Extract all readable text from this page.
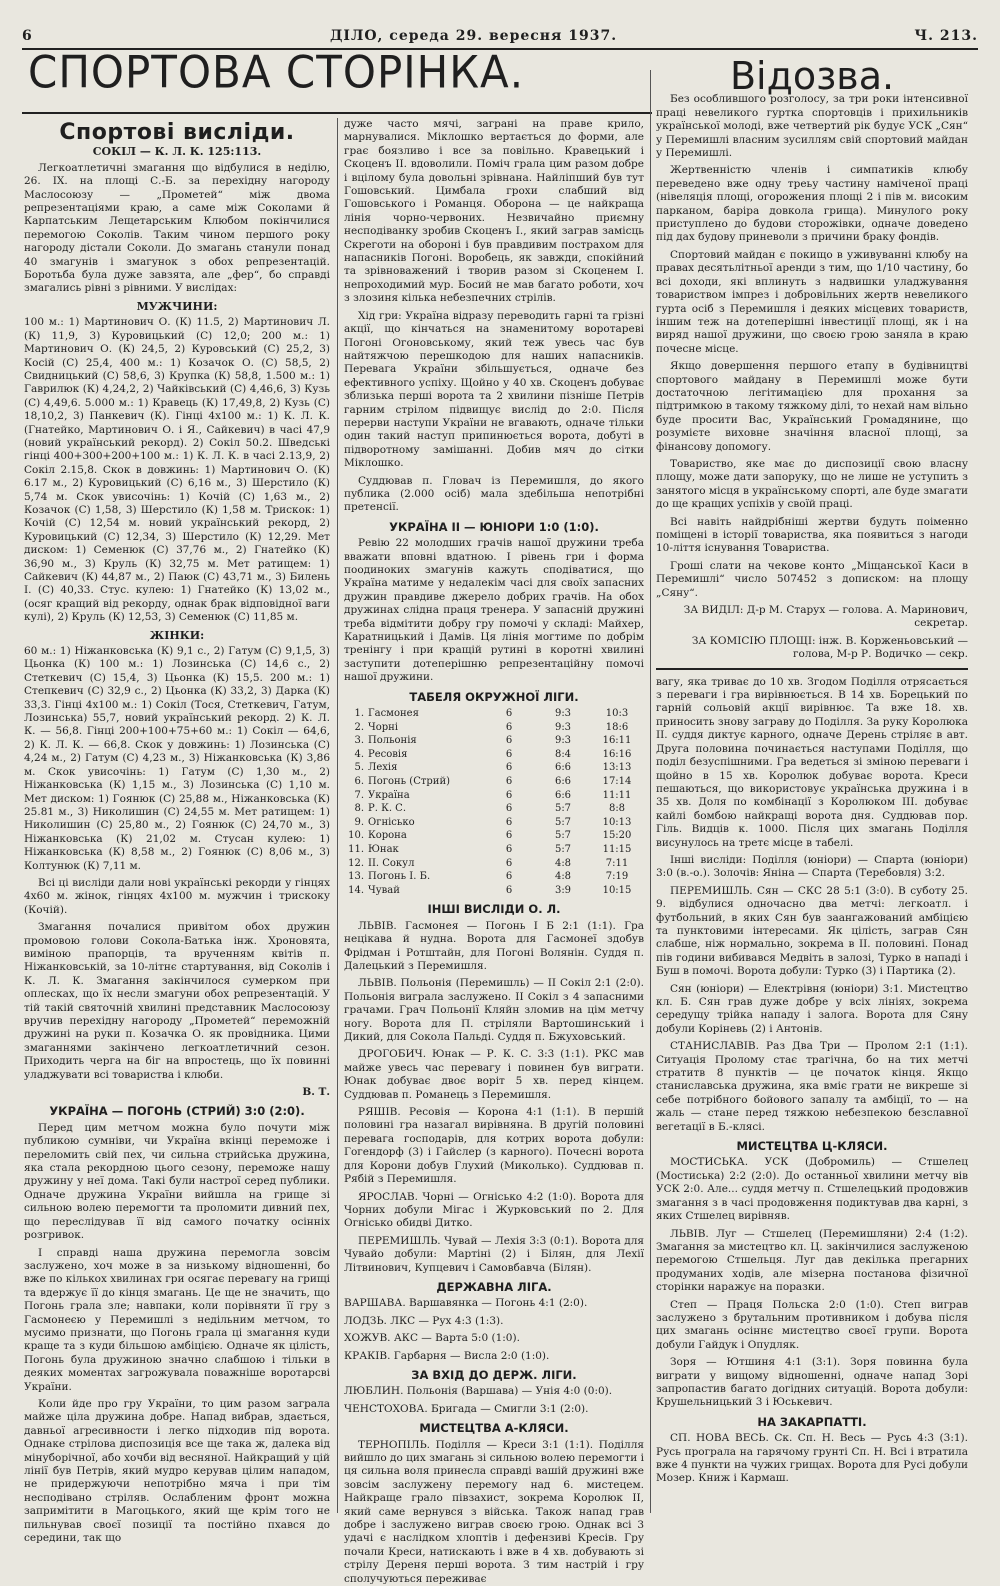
6	ДІЛО, середа 29. вересня 1937.	Ч. 213.
СПОРТОВА СТОРІНКА.
Спортові висліди.
СОКІЛ — К. Л. К. 125:113.

Легкоатлетичні змагання що відбулися в неділю, 26. IX. на площі С.-Б. за перехідну нагороду Маслосоюзу — „Прометей“ між двома репрезентаціями краю, а саме між Соколами й Карпатським Лещетарським Клюбом покінчилися перемогою Соколів. Таким чином першого року нагороду дістали Соколи. До змагань станули понад 40 змагунів і змагунок з обох репрезентацій. Боротьба була дуже завзята, але „фер“, бо справді змагались рівні з рівними. У вислідах:

МУЖЧИНИ:

100 м.: 1) Мартинович О. (К) 11.5, 2) Мартинович Л. (К) 11,9, 3) Куровицький (С) 12,0; 200 м.: 1) Мартинович О. (К) 24,5, 2) Куровський (С) 25,2, 3) Косій (С) 25,4, 400 м.: 1) Козачок О. (С) 58,5, 2) Свидницький (С) 58,6, 3) Крупка (К) 58,8, 1.500 м.: 1) Гаврилюк (К) 4,24,2, 2) Чайківський (С) 4,46,6, 3) Кузь (С) 4,49,6. 5.000 м.: 1) Кравець (К) 17,49,8, 2) Кузь (С) 18,10,2, 3) Панкевич (К). Гінці 4х100 м.: 1) К. Л. К. (Гнатейко, Мартинович О. і Я., Сайкевич) в часі 47,9 (новий український рекорд). 2) Сокіл 50.2. Шведські гінці 400+300+200+100 м.: 1) К. Л. К. в часі 2.13,9, 2) Сокіл 2.15,8. Скок в довжинь: 1) Мартинович О. (К) 6.17 м., 2) Куровицький (С) 6,16 м., 3) Шерстило (К) 5,74 м. Скок увисочінь: 1) Кочій (С) 1,63 м., 2) Козачок (С) 1,58, 3) Шерстило (К) 1,58 м. Трискок: 1) Кочій (С) 12,54 м. новий український рекорд, 2) Куровицький (С) 12,34, 3) Шерстило (К) 12,29. Мет диском: 1) Семенюк (С) 37,76 м., 2) Гнатейко (К) 36,90 м., 3) Круль (К) 32,75 м. Мет ратищем: 1) Сайкевич (К) 44,87 м., 2) Паюк (С) 43,71 м., 3) Билень І. (С) 40,33. Стус. кулею: 1) Гнатейко (К) 13,02 м., (осяг кращий від рекорду, однак брак відповідної ваги кулі), 2) Круль (К) 12,53, 3) Семенюк (С) 11,85 м.

ЖІНКИ:

60 м.: 1) Ніжанковська (К) 9,1 с., 2) Гатум (С) 9,1,5, 3) Цьонка (К) 100 м.: 1) Лозинська (С) 14,6 с., 2) Стеткевич (С) 15,4, 3) Цьонка (К) 15,5. 200 м.: 1) Степкевич (С) 32,9 с., 2) Цьонка (К) 33,2, 3) Дарка (К) 33,3. Гінці 4х100 м.: 1) Сокіл (Тося, Стеткевич, Гатум, Лозинська) 55,7, новий український рекорд. 2) К. Л. К. — 56,8. Гінці 200+100+75+60 м.: 1) Сокіл — 64,6, 2) К. Л. К. — 66,8. Скок у довжинь: 1) Лозинська (С) 4,24 м., 2) Гатум (С) 4,23 м., 3) Ніжанковська (К) 3,86 м. Скок увисочінь: 1) Гатум (С) 1,30 м., 2) Ніжанковська (К) 1,15 м., 3) Лозинська (С) 1,10 м. Мет диском: 1) Гоянюк (С) 25,88 м., Ніжанковська (К) 25.81 м., 3) Николишин (С) 24,55 м. Мет ратищем: 1) Николишин (С) 25,80 м., 2) Гоянюк (С) 24,70 м., 3) Ніжанковська (К) 21,02 м. Стусан кулею: 1) Ніжанковська (К) 8,58 м., 2) Гоянюк (С) 8,06 м., 3) Колтунюк (К) 7,11 м.

Всі ці висліди дали нові українські рекорди у гінцях 4х60 м. жінок, гінцях 4х100 м. мужчин і трискоку (Кочій).

Змагання почалися привітом обох дружин промовою голови Сокола-Батька інж. Хроновята, виміною прапорців, та врученням квітів п. Ніжанковській, за 10-літнє стартування, від Соколів і К. Л. К. Змагання закінчилося сумерком при оплесках, що їх несли змагуни обох репрезентацій. У тій такій святочній хвилині представник Маслосоюзу вручив перехідну нагороду „Прометей“ переможній дружині на руки п. Козачка О. як провідника. Цими змаганнями закінчено легкоатлетичний сезон. Приходить черга на біг на впростець, що їх повинні уладжувати всі товариства і клюби.

В. Т.
УКРАЇНА — ПОГОНЬ (СТРИЙ) 3:0 (2:0).

Перед цим метчом можна було почути між публикою сумніви, чи Україна вкінці переможе і переломить свій пех, чи сильна стрийська дружина, яка стала рекордною цього сезону, переможе нашу дружину у неї дома. Такі були настрої серед публики. Одначе дружина України вийшла на грище зі сильною волею перемогти та проломити дивний пех, що переслідував її від самого початку осінніх розгривок.

І справді наша дружина перемогла зовсім заслужено, хоч може в за низькому відношенні, бо вже по кількох хвилинах гри осягає перевагу на грищі та вдержує її до кінця змагань. Це ще не значить, що Погонь грала зле; навпаки, коли порівняти її гру з Гасмонеєю у Перемишлі з недільним метчом, то мусимо признати, що Погонь грала ці змагання куди краще та з куди більшою амбіцією. Одначе як цілість, Погонь була дружиною значно слабшою і тільки в деяких моментах загрожувала поважніше воротарсві України.

Коли йде про гру України, то цим разом заграла майже ціла дружина добре. Напад вибрав, здається, давньої агресивности і легко підходив під ворота. Однаке стрілова диспозиція все ще така ж, далека від мінуборічної, або хочби від весняної. Найкращий у цій лінії був Петрів, який мудро керував цілим нападом, не придержуючи непотрібно мяча і при тім несподівано стріляв. Ослабленим фронт можна запримітити в Магоцького, який ще крім того не пильнував своєї позиції та постійно пхався до середини, так що

дуже часто мячі, заграні на праве крило, марнувалися. Міклошко вертається до форми, але грає боязливо і все за повільно. Кравецький і Скоценъ ІІ. вдоволили. Поміч грала цим разом добре і вцілому була довольні зрівнана. Найліпший був тут Гошовський. Цимбала грохи слабший від Гошовського і Романця. Оборона — це найкраща лінія чорно-червоних. Незвичайно приємну несподіванку зробив Скоценъ І., який заграв замісць Скреготи на обороні і був правдивим пострахом для напасників Погоні. Воробець, як завжди, спокійний та зрівноважений і творив разом зі Скоценем І. непроходимий мур. Босий не мав багато роботи, хоч з злозиня кілька небезпечних стрілів.

Хід гри: Україна відразу переводить гарні та грізні акції, що кінчаться на знаменитому воротареві Погоні Огоновському, який теж увесь час був найтяжчою перешкодою для наших напасників. Перевага України збільшується, одначе без ефективного успіху. Щойно у 40 хв. Скоценъ добуває зблизька перші ворота та 2 хвилини пізніше Петрів гарним стрілом підвищує вислід до 2:0. Після перерви наступи України не вгавають, одначе тільки один такий наступ припинюється ворота, добуті в підворотному замішанні. Добив мяч до сітки Міклошко.

Суддював п. Гловач із Перемишля, до якого публика (2.000 осіб) мала здебільша непотрібні претенсії.

УКРАЇНА ІІ — ЮНІОРИ 1:0 (1:0).

Ревію 22 молодших грачів нашої дружини треба вважати вповні вдатною. І рівень гри і форма поодиноких змагунів кажуть сподіватися, що Україна матиме у недалекім часі для своїх запасних дружин правдиве джерело добрих грачів. На обох дружинах слідна праця тренера. У запасній дружині треба відмітити добру гру помочі у складі: Майхер, Каратницький і Дамів. Ця лінія могтиме по добрім тренінгу і при кращій рутині в коротні хвилині заступити дотеперішню репрезентаційну помочі нашої дружини.

ТАБЕЛЯ ОКРУЖНОЇ ЛІГИ.
1.	Гасмонея	6	9:3	10:3
2.	Чорні	6	9:3	18:6
3.	Польонія	6	9:3	16:11
4.	Ресовія	6	8:4	16:16
5.	Лехія	6	6:6	13:13
6.	Погонь (Стрий)	6	6:6	17:14
7.	Україна	6	6:6	11:11
8.	Р. К. С.	6	5:7	8:8
9.	Огнісько	6	5:7	10:13
10.	Корона	6	5:7	15:20
11.	Юнак	6	5:7	11:15
12.	ІІ. Сокул	6	4:8	7:11
13.	Погонь І. Б.	6	4:8	7:19
14.	Чувай	6	3:9	10:15
ІНШІ ВИСЛІДИ О. Л.

ЛЬВІВ. Гасмонея — Погонь І Б 2:1 (1:1). Гра нецікава й нудна. Ворота для Гасмонеї здобув Фрідман і Ротштайн, для Погоні Волянін. Суддя п. Далецький з Перемишля.

ЛЬВІВ. Польонія (Перемишль) — ІІ Сокіл 2:1 (2:0). Польонія виграла заслужено. ІІ Сокіл з 4 запасними грачами. Грач Польонії Кляйн зломив на цім метчу ногу. Ворота для П. стріляли Вартошинський і Дикий, для Сокола Пальді. Суддя п. Бжуховський.

ДРОГОБИЧ. Юнак — Р. К. С. 3:3 (1:1). РКС мав майже увесь час перевагу і повинен був виграти. Юнак добуває двоє воріт 5 хв. перед кінцем. Суддював п. Романець з Перемишля.

РЯШІВ. Ресовія — Корона 4:1 (1:1). В першій половині гра назагал вирівняна. В другій половині перевага господарів, для котрих ворота добули: Гогендорф (3) і Гайслер (з карного). Почесні ворота для Корони добув Глухий (Миколько). Суддював п. Рябій з Перемишля.

ЯРОСЛАВ. Чорні — Огнісько 4:2 (1:0). Ворота для Чорних добули Мігас і Журковський по 2. Для Огнісько обидві Дитко.

ПЕРЕМИШЛЬ. Чувай — Лехія 3:3 (0:1). Ворота для Чувайо добули: Мартіні (2) і Білян, для Лехії Літвинович, Купцевич і Самовбавча (Білян).

ДЕРЖАВНА ЛІГА.

ВАРШАВА. Варшавянка — Погонь 4:1 (2:0).

ЛОДЗЬ. ЛКС — Рух 4:3 (1:3).

ХОЖУВ. АКС — Варта 5:0 (1:0).

КРАКІВ. Гарбарня — Висла 2:0 (1:0).

ЗА ВХІД ДО ДЕРЖ. ЛІГИ.

ЛЮБЛИН. Польонія (Варшава) — Унія 4:0 (0:0).

ЧЕНСТОХОВА. Бригада — Смигли 3:1 (2:0).

МИСТЕЦТВА А-КЛЯСИ.

ТЕРНОПІЛЬ. Поділля — Креси 3:1 (1:1). Поділля вийшло до цих змагань зі сильною волею перемогти і ця сильна воля принесла справді вашій дружині вже зовсім заслужену перемогу над 6. мистецем. Найкраще грало півзахист, зокрема Королюк ІІ, який саме вернувся з війська. Також напад грав добре і заслужено виграв своєю грою. Однак всі 3 удачі є наслідком хлоптів і дефензиві Кресів. Гру почали Креси, натискають і вже в 4 хв. добувають зі стрілу Дереня перші ворота. З тим настрій і гру сполучуються переживає

Відозва.

Без особлившого розголосу, за три роки інтенсивної праці невеликого гуртка спортовців і прихильників української молоді, вже четвертий рік будує УСК „Сян“ у Перемишлі власним зусиллям свій спортовий майдан у Перемишлі.

Жертвенністю членів і симпатиків клюбу переведено вже одну треьу частину наміченої праці (нівеляція площі, огорожения площі 2 і пів м. високим парканом, баріра довкола грища). Минулого року приступлено до будови сторожівки, одначе доведено під дах будову приневоли з причини браку фондів.

Спортовий майдан є покищо в уживуванні клюбу на правах десятьлітньої аренди з тим, що 1/10 частину, бо всі доходи, які вплинуть з надвишки уладжування товариством імпрез і добровільних жертв невеликого гурта осіб з Перемишля і деяких місцевих товариств, іншим теж на дотеперішні інвестиції площі, як і на виряд нашої дружини, що своєю грою заняла в краю почесне місце.

Якщо довершення першого етапу в будівництві спортового майдану в Перемишлі може бути достаточною легітимацією для прохання за підтримкою в такому тяжкому ділі, то нехай нам вільно буде просити Вас, Український Громадянине, що розумієте виховне значіння власної площі, за фінансову допомогу.

Товариство, яке має до диспозиції свою власну площу, може дати запоруку, що не лише не уступить з занятого місця в українському спорті, але буде змагати до ще кращих успіхів у своїй праці.

Всі навіть найдрібніші жертви будуть поіменно поміщені в історії товариства, яка появиться з нагоди 10-ліття існування Товариства.

Гроші слати на чекове конто „Міщанської Каси в Перемишлі“ число 507452 з дописком: на площу „Сяну“.

ЗА ВИДІЛ: Д-р М. Старух — голова. А. Маринович, секретар.

ЗА КОМІСІЮ ПЛОЩІ: інж. В. Корженьовський — голова, М-р Р. Водичко — секр.

вагу, яка триває до 10 хв. Згодом Поділля отрясається з переваги і гра вирівнюється. В 14 хв. Борецький по гарній сольовій акції вирівнює. Та вже 18. хв. приносить знову заграву до Поділля. За руку Королюка ІІ. суддя диктує карного, одначе Дерень стріляє в авт. Друга половина починається наступами Поділля, що поділ безуспішними. Гра ведеться зі зміною переваги і щойно в 15 хв. Королюк добуває ворота. Креси пешаються, що використовує українська дружина і в 35 хв. Доля по комбінації з Королюком ІІІ. добуває кайлі бомбою найкращі ворота дня. Суддював пор. Гіль. Видців к. 1000. Після цих змагань Поділля висунулось на третє місце в табелі.

Інші висліди: Поділля (юніори) — Спарта (юніори) 3:0 (в.-о.). Золочів: Яніна — Спарта (Теребовля) 3:2.

ПЕРЕМИШЛЬ. Сян — СКС 28 5:1 (3:0). В суботу 25. 9. відбулися одночасно два метчі: легкоатл. і футбольний, в яких Сян був заангажований амбіцією та пунктовими інтересами. Як цілість, заграв Сян слабше, ніж нормально, зокрема в ІІ. половині. Понад пів години вибивався Медвіть в залозі, Турко в нападі і Буш в помочі. Ворота добули: Турко (3) і Партика (2).

Сян (юніори) — Електрівня (юніори) 3:1. Мистецтво кл. Б. Сян грав дуже добре у всіх лініях, зокрема середущу трійка нападу і залога. Ворота для Сяну добули Коріневь (2) і Антонів.

СТАНИСЛАВІВ. Раз Два Три — Пролом 2:1 (1:1). Ситуація Пролому стає трагічна, бо на тих метчі стратитв 8 пунктів — це початок кінця. Якщо станиславська дружина, яка вміє грати не викреше зі себе потрібного бойового запалу та амбіції, то — на жаль — стане перед тяжкою небезпекою безславної вегетації в Б.-клясі.

МИСТЕЦТВА Ц-КЛЯСИ.

МОСТИСЬКА. УСК (Добромиль) — Стшелец (Мостиська) 2:2 (2:0). До останньої хвилини метчу вів УСК 2:0. Але... суддя метчу п. Стшелецький продовжив змагання з в часі продовження подиктував два карні, з яких Стшелец вирівняв.

ЛЬВІВ. Луг — Стшелец (Перемишляни) 2:4 (1:2). Змагання за мистецтво кл. Ц. закінчилися заслуженою перемогою Стшельця. Луг дав декілька прегарних продуманих ходів, але мізерна постанова фізичної сторінки наражує на поразки.

Степ — Праця Польска 2:0 (1:0). Степ виграв заслужено з брутальним противником і добува після цих змагань осіннє мистецтво своєї групи. Ворота добули Гайдук і Опудляк.

Зоря — Ютшиня 4:1 (3:1). Зоря повинна була виграти у вищому відношенні, одначе напад Зорі запропастив багато догідних ситуацій. Ворота добули: Крушельницький 3 і Юськевич.

НА ЗАКАРПАТТІ.

СП. НОВА ВЕСЬ. Ск. Сп. Н. Весь — Русь 4:3 (3:1). Русь програла на гарячому грунті Сп. Н. Всі і втратила вже 4 пункти на чужих грищах. Ворота для Русі добули Мозер. Книж і Кармаш.
